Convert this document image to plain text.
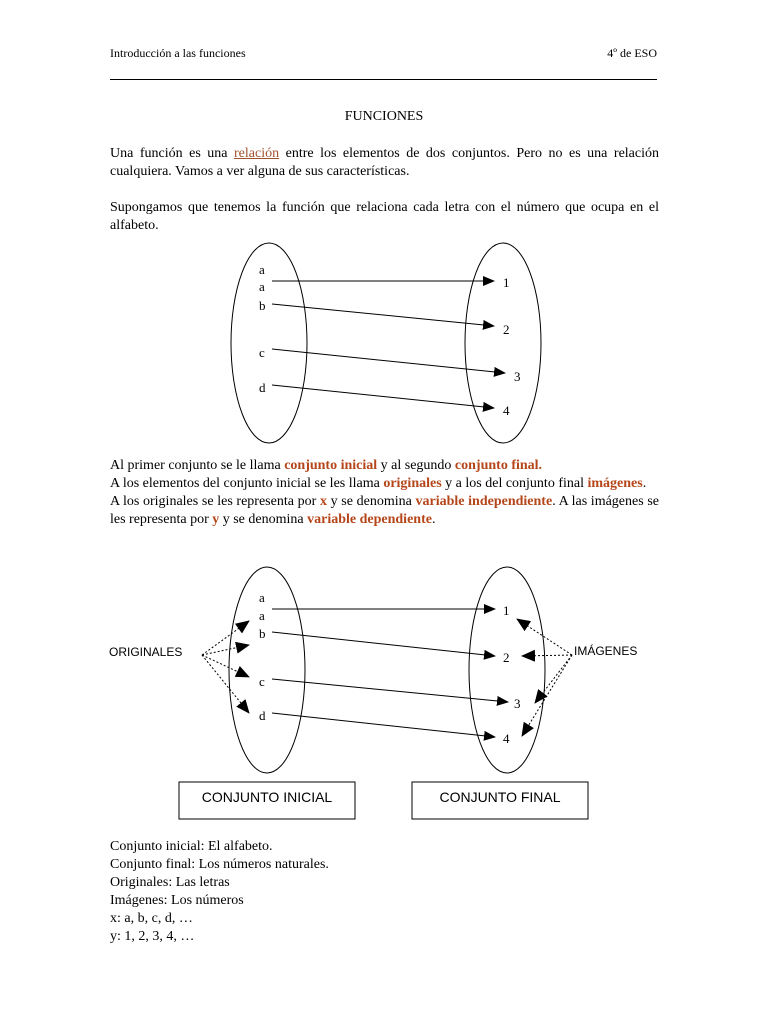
Introducción a las funciones	4º de ESO
FUNCIONES

Una función es una relación entre los elementos de dos conjuntos. Pero no es una relación cualquiera. Vamos a ver alguna de sus características.

Supongamos que tenemos la función que relaciona cada letra con el número que ocupa en el alfabeto.

a
a
b
c
d
1
2
3
4

Al primer conjunto se le llama conjunto inicial y al segundo conjunto final.

A los elementos del conjunto inicial se les llama originales y a los del conjunto final imágenes.

A los originales se les representa por x y se denomina variable independiente. A las imágenes se les representa por y y se denomina variable dependiente.

a
a
b
c
d
1
2
3
4
ORIGINALES	IMÁGENES
CONJUNTO INICIAL	CONJUNTO FINAL
Conjunto inicial: El alfabeto.
Conjunto final: Los números naturales.
Originales: Las letras
Imágenes: Los números
x: a, b, c, d, …
y: 1, 2, 3, 4, …
